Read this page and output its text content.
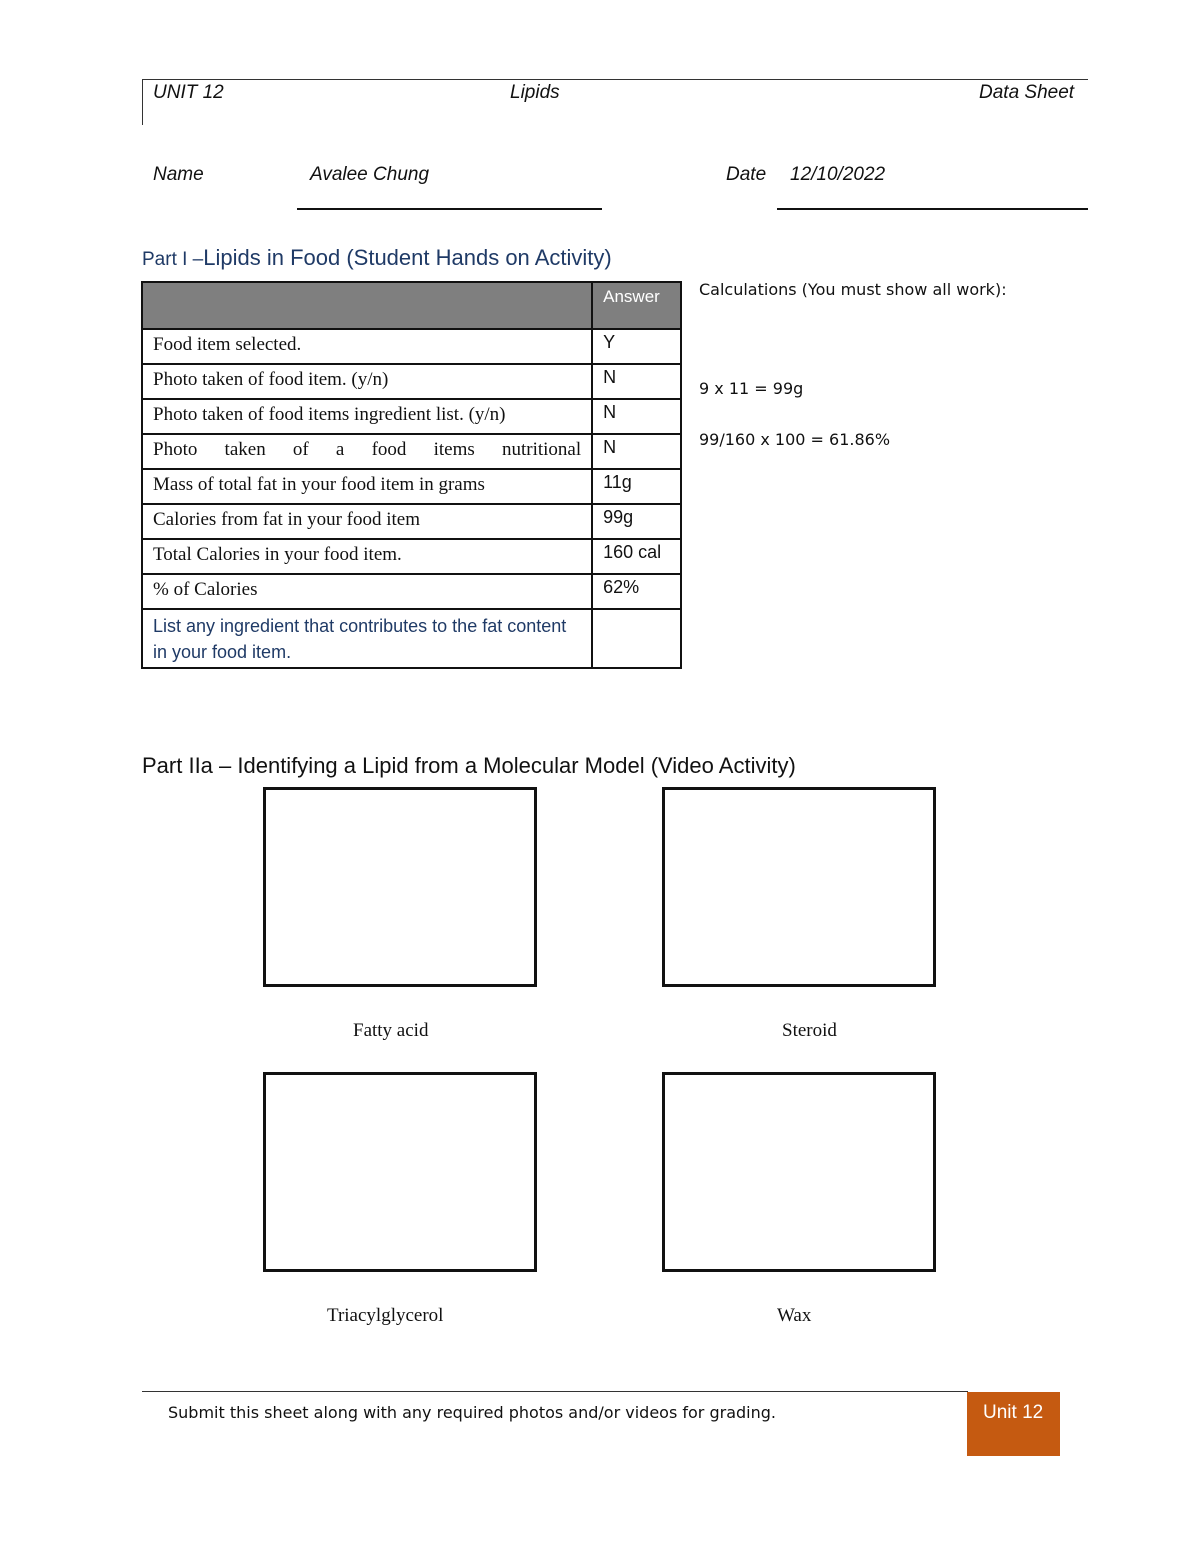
UNIT 12	Lipids	Data Sheet
Name	Avalee Chung	Date 12/10/2022
Part I –Lipids in Food (Student Hands on Activity)
	Answer
Food item selected.	Y
Photo taken of food item. (y/n)	N
Photo taken of food items ingredient list. (y/n)	N
Photo taken of a food items nutritional	N
Mass of total fat in your food item in grams	11g
Calories from fat in your food item	99g
Total Calories in your food item.	160 cal
% of Calories	62%
List any ingredient that contributes to the fat content in your food item.	
Calculations (You must show all work):
9 x 11 = 99g
99/160 x 100 = 61.86%
Part IIa – Identifying a Lipid from a Molecular Model (Video Activity)
Fatty acid	Steroid
Triacylglycerol	Wax
Submit this sheet along with any required photos and/or videos for grading.	Unit 12
